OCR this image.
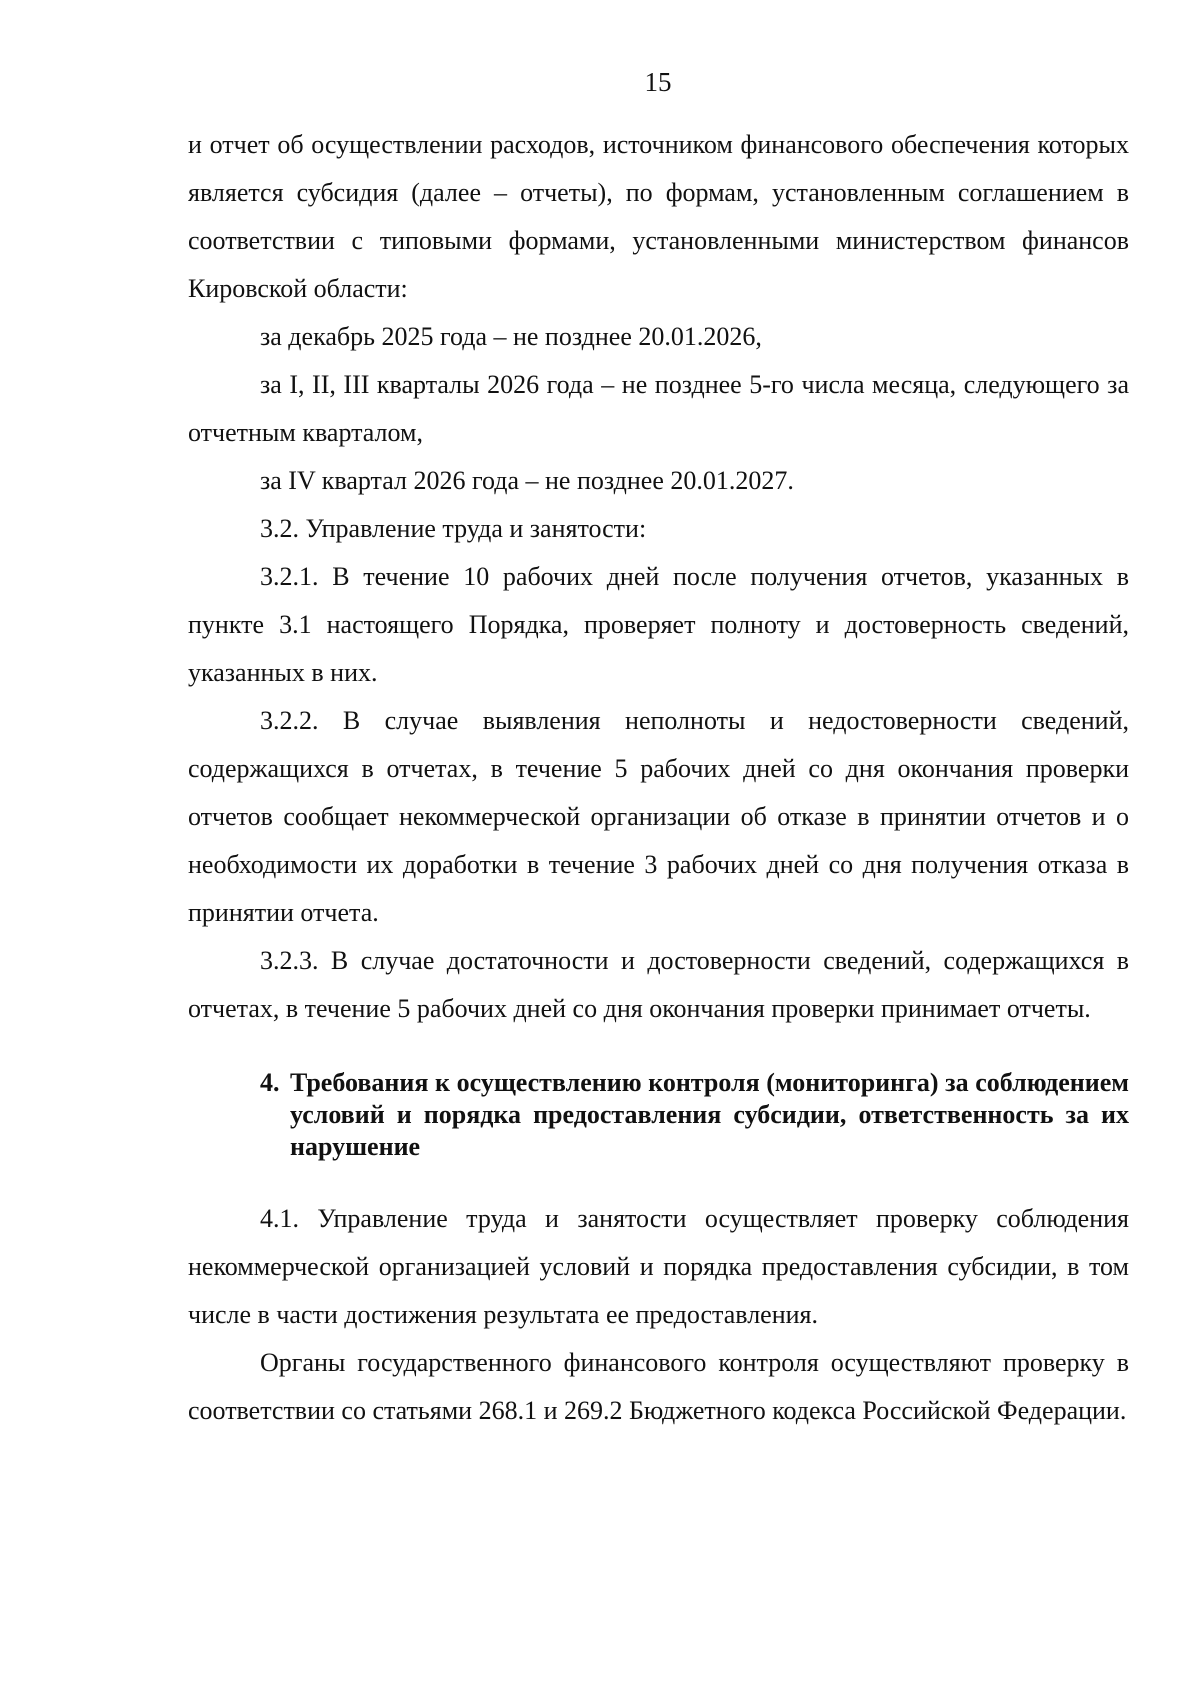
15

и отчет об осуществлении расходов, источником финансового обеспечения которых является субсидия (далее – отчеты), по формам, установленным соглашением в соответствии с типовыми формами, установленными министерством финансов Кировской области:

за декабрь 2025 года – не позднее 20.01.2026,

за I, II, III кварталы 2026 года – не позднее 5-го числа месяца, следующего за отчетным кварталом,

за IV квартал 2026 года – не позднее 20.01.2027.

3.2. Управление труда и занятости:

3.2.1. В течение 10 рабочих дней после получения отчетов, указанных в пункте 3.1 настоящего Порядка, проверяет полноту и достоверность сведений, указанных в них.

3.2.2. В случае выявления неполноты и недостоверности сведений, содержащихся в отчетах, в течение 5 рабочих дней со дня окончания проверки отчетов сообщает некоммерческой организации об отказе в принятии отчетов и о необходимости их доработки в течение 3 рабочих дней со дня получения отказа в принятии отчета.

3.2.3. В случае достаточности и достоверности сведений, содержащихся в отчетах, в течение 5 рабочих дней со дня окончания проверки принимает отчеты.

4. Требования к осуществлению контроля (мониторинга) за соблюдением условий и порядка предоставления субсидии, ответственность за их нарушение

4.1. Управление труда и занятости осуществляет проверку соблюдения некоммерческой организацией условий и порядка предоставления субсидии, в том числе в части достижения результата ее предоставления.

Органы государственного финансового контроля осуществляют проверку в соответствии со статьями 268.1 и 269.2 Бюджетного кодекса Российской Федерации.
